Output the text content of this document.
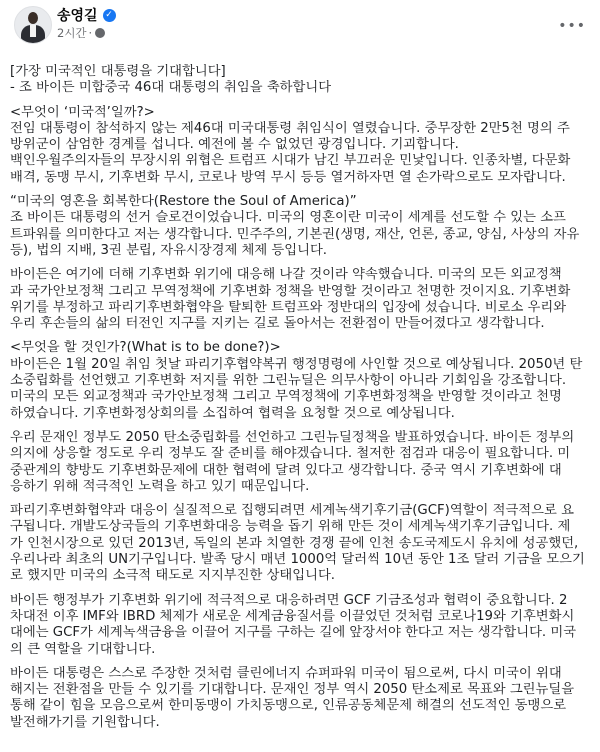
송영길 ✓
2시간 ·	•••
[가장 미국적인 대통령을 기대합니다]
- 조 바이든 미합중국 46대 대통령의 취임을 축하합니다
<무엇이 ‘미국적’일까?>
전임 대통령이 참석하지 않는 제46대 미국대통령 취임식이 열렸습니다. 중무장한 2만5천 명의 주
방위군이 삼엄한 경계를 섭니다. 예전에 볼 수 없었던 광경입니다. 기괴합니다.
백인우월주의자들의 무장시위 위협은 트럼프 시대가 남긴 부끄러운 민낯입니다. 인종차별, 다문화
배격, 동맹 무시, 기후변화 무시, 코로나 방역 무시 등등 열거하자면 열 손가락으로도 모자랍니다.
“미국의 영혼을 회복한다(Restore the Soul of America)”
조 바이든 대통령의 선거 슬로건이었습니다. 미국의 영혼이란 미국이 세계를 선도할 수 있는 소프
트파워를 의미한다고 저는 생각합니다. 민주주의, 기본권(생명, 재산, 언론, 종교, 양심, 사상의 자유
등), 법의 지배, 3권 분립, 자유시장경제 체제 등입니다.
바이든은 여기에 더해 기후변화 위기에 대응해 나갈 것이라 약속했습니다. 미국의 모든 외교정책
과 국가안보정책 그리고 무역정책에 기후변화 정책을 반영할 것이라고 천명한 것이지요. 기후변화
위기를 부정하고 파리기후변화협약을 탈퇴한 트럼프와 정반대의 입장에 섰습니다. 비로소 우리와
우리 후손들의 삶의 터전인 지구를 지키는 길로 돌아서는 전환점이 만들어졌다고 생각합니다.
<무엇을 할 것인가?(What is to be done?)>
바이든은 1월 20일 취임 첫날 파리기후협약복귀 행정명령에 사인할 것으로 예상됩니다. 2050년 탄
소중립화를 선언했고 기후변화 저지를 위한 그린뉴딜은 의무사항이 아니라 기회임을 강조합니다.
미국의 모든 외교정책과 국가안보정책 그리고 무역정책에 기후변화정책을 반영할 것이라고 천명
하였습니다. 기후변화정상회의를 소집하여 협력을 요청할 것으로 예상됩니다.
우리 문재인 정부도 2050 탄소중립화를 선언하고 그린뉴딜정책을 발표하였습니다. 바이든 정부의
의지에 상응할 정도로 우리 정부도 잘 준비를 해야겠습니다. 철저한 점검과 대응이 필요합니다. 미
중관계의 향방도 기후변화문제에 대한 협력에 달려 있다고 생각합니다. 중국 역시 기후변화에 대
응하기 위해 적극적인 노력을 하고 있기 때문입니다.
파리기후변화협약과 대응이 실질적으로 집행되려면 세계녹색기후기금(GCF)역할이 적극적으로 요
구됩니다. 개발도상국들의 기후변화대응 능력을 돕기 위해 만든 것이 세계녹색기후기금입니다. 제
가 인천시장으로 있던 2013년, 독일의 본과 치열한 경쟁 끝에 인천 송도국제도시 유치에 성공했던,
우리나라 최초의 UN기구입니다. 발족 당시 매년 1000억 달러씩 10년 동안 1조 달러 기금을 모으기
로 했지만 미국의 소극적 태도로 지지부진한 상태입니다.
바이든 행정부가 기후변화 위기에 적극적으로 대응하려면 GCF 기금조성과 협력이 중요합니다. 2
차대전 이후 IMF와 IBRD 체제가 새로운 세계금융질서를 이끌었던 것처럼 코로나19와 기후변화시
대에는 GCF가 세계녹색금융을 이끌어 지구를 구하는 길에 앞장서야 한다고 저는 생각합니다. 미국
의 큰 역할을 기대합니다.
바이든 대통령은 스스로 주장한 것처럼 클린에너지 슈퍼파워 미국이 됨으로써, 다시 미국이 위대
해지는 전환점을 만들 수 있기를 기대합니다. 문재인 정부 역시 2050 탄소제로 목표와 그린뉴딜을
통해 같이 힘을 모음으로써 한미동맹이 가치동맹으로, 인류공동체문제 해결의 선도적인 동맹으로
발전해가기를 기원합니다.
